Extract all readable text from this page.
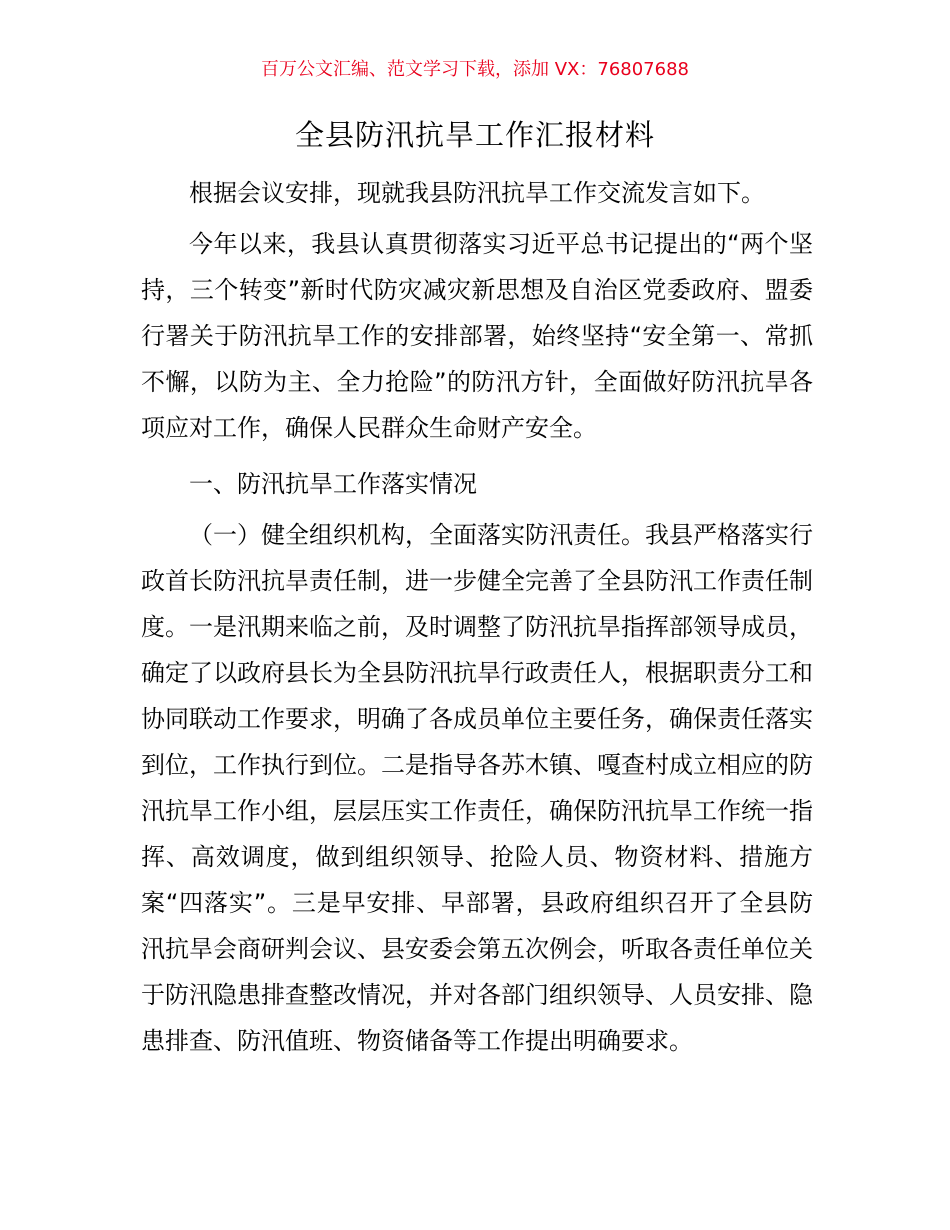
百万公文汇编、范文学习下载，添加 VX：76807688
全县防汛抗旱工作汇报材料

根据会议安排，现就我县防汛抗旱工作交流发言如下。

今年以来，我县认真贯彻落实习近平总书记提出的“两个坚持，三个转变”新时代防灾减灾新思想及自治区党委政府、盟委行署关于防汛抗旱工作的安排部署，始终坚持“安全第一、常抓不懈，以防为主、全力抢险”的防汛方针，全面做好防汛抗旱各项应对工作，确保人民群众生命财产安全。

一、防汛抗旱工作落实情况

（一）健全组织机构，全面落实防汛责任。我县严格落实行政首长防汛抗旱责任制，进一步健全完善了全县防汛工作责任制度。一是汛期来临之前，及时调整了防汛抗旱指挥部领导成员，确定了以政府县长为全县防汛抗旱行政责任人，根据职责分工和协同联动工作要求，明确了各成员单位主要任务，确保责任落实到位，工作执行到位。二是指导各苏木镇、嘎查村成立相应的防汛抗旱工作小组，层层压实工作责任，确保防汛抗旱工作统一指挥、高效调度，做到组织领导、抢险人员、物资材料、措施方案“四落实”。三是早安排、早部署，县政府组织召开了全县防汛抗旱会商研判会议、县安委会第五次例会，听取各责任单位关于防汛隐患排查整改情况，并对各部门组织领导、人员安排、隐患排查、防汛值班、物资储备等工作提出明确要求。
